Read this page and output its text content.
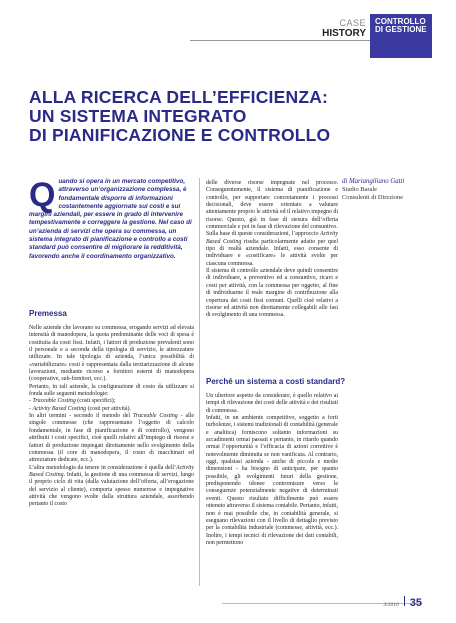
CASE
HISTORY
CONTROLLO
DI GESTIONE
ALLA RICERCA DELL’EFFICIENZA:
UN SISTEMA INTEGRATO
DI PIANIFICAZIONE E CONTROLLO
di Mariangiliano Gatti
Studio Barale
Consulenti di Direzione
Q uando si opera in un mercato competitivo, attraverso un’organizzazione complessa, è fondamentale disporre di informazioni costantemente aggiornate sui costi e sui margini aziendali, per essere in grado di intervenire tempestivamente e correggere la gestione. Nel caso di un’azienda di servizi che opera su commessa, un sistema integrato di pianificazione e controllo a costi standard può consentire di migliorare la redditività, favorendo anche il coordinamento organizzativo.
Premessa

Nelle aziende che lavorano su commessa, erogando servizi ad elevata intensità di manodopera, la quota predominante delle voci di spesa è costituita da costi fissi. Infatti, i fattori di produzione prevalenti sono il personale e a seconda della tipologia di servizio, le attrezzature utilizzate. In tale tipologia di azienda, l’unica possibilità di «variabilizzare» costi è rappresentata dalla terziarizzazione di alcune lavorazioni, mediante ricorso a fornitori esterni di manodopera (cooperative, sub-fornitori, ecc.).

Pertanto, in tali aziende, la configurazione di costo da utilizzare si fonda sulle seguenti metodologie:

- Traceable Costing (costi specifici);

- Activity Based Costing (costi per attività).

In altri termini - secondo il metodo del Traceable Costing - alle singole commesse (che rappresentano l’oggetto di calcolo fondamentale, in fase di pianificazione e di controllo), vengono attribuiti i costi specifici, cioè quelli relativi all’impiego di risorse e fattori di produzione impiegati direttamente nello svolgimento della commessa (il core di manodopera, il costo di macchinari ed attrezzature dedicate, ecc.).

L’altra metodologia da tenere in considerazione è quella dell’Activity Based Costing. Infatti, la gestione di una commessa di servizi, lungo il proprio ciclo di vita (dalla valutazione dell’offerta, all’erogazione del servizio al cliente), comporta spesso numerose e impegnative attività che vengono svolte dalla struttura aziendale, assorbendo pertanto il costo

delle diverse risorse impegnate nel processo. Conseguentemente, il sistema di pianificazione e controllo, per supportare concretamente i processi decisionali, deve essere orientato a valutare attentamente proprio le attività ed il relativo impegno di risorse. Questo, già in fase di stesura dell’offerta commerciale e poi in fase di rilevazione del consuntivo.

Sulla base di queste considerazioni, l’approccio Activity Based Costing risulta particolarmente adatto per quel tipo di realtà aziendale. Infatti, esso consente di individuare e «costificare» le attività svolte per ciascuna commessa.

Il sistema di controllo aziendale deve quindi consentire di individuare, a preventivo ed a consuntivo, ricavi e costi per attività, con la commessa per oggetto, al fine di individuarne il reale margine di contribuzione alla copertura dei costi fissi comuni. Quelli cioè relativi a risorse ed attività non direttamente collegabili alle fasi di svolgimento di una commessa.

Perché un sistema a costi standard?

Un ulteriore aspetto da considerare, è quello relativo ai tempi di rilevazione dei costi delle attività e dei risultati di commessa.

Infatti, in un ambiente competitivo, soggetto a forti turbolenze, i sistemi tradizionali di contabilità (generale e analitica) forniscono soltanto informazioni su accadimenti ormai passati e pertanto, in ritardo quando ormai l’opportunità e l’efficacia di azioni correttive è notevolmente diminuita se non vanificata. Al contrario, oggi, qualsiasi azienda - anche di piccole e medie dimensioni - ha bisogno di anticipare, per quanto possibile, gli svolgimenti futuri della gestione, predisponendo idonee contromisure verso le conseguenze potenzialmente negative di determinati eventi. Questo risultato difficilmente può essere ottenuto attraverso il sistema contabile. Pertanto, infatti, non è mai possibile che, in contabilità generale, si eseguano rilevazioni con il livello di dettaglio previsto per la contabilità industriale (commesse, attività, ecc.). Inoltre, i tempi tecnici di rilevazione dei dati contabili, non permettono

3/2010 35
